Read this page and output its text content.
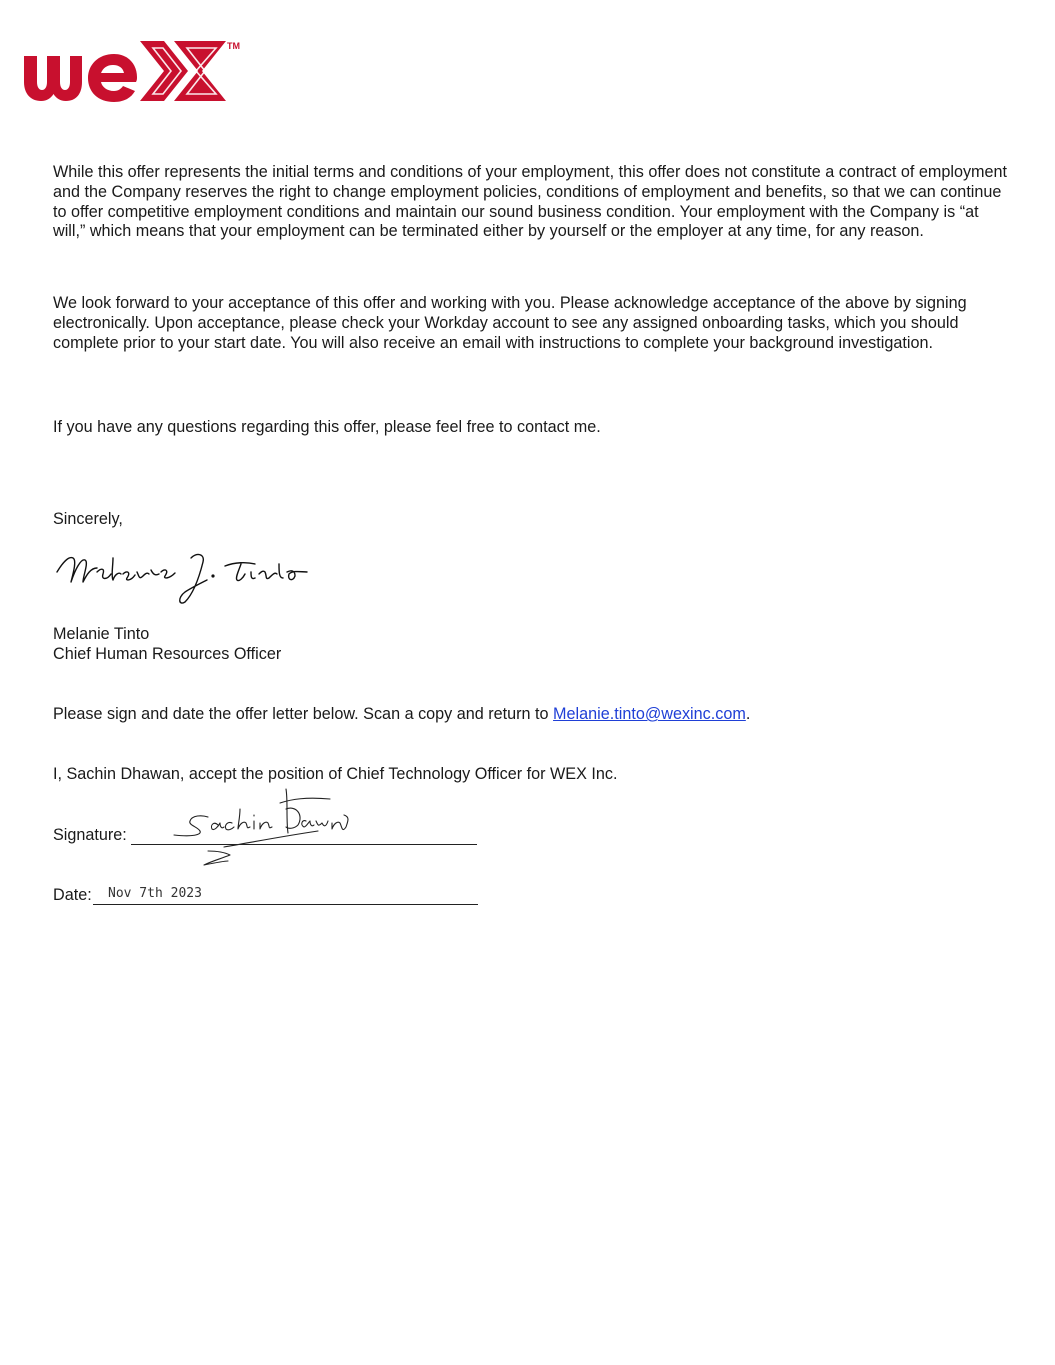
TM

While this offer represents the initial terms and conditions of your employment, this offer does not constitute a contract of employment and the Company reserves the right to change employment policies, conditions of employment and benefits, so that we can continue to offer competitive employment conditions and maintain our sound business condition. Your employment with the Company is “at will,” which means that your employment can be terminated either by yourself or the employer at any time, for any reason.

We look forward to your acceptance of this offer and working with you. Please acknowledge acceptance of the above by signing electronically. Upon acceptance, please check your Workday account to see any assigned onboarding tasks, which you should complete prior to your start date. You will also receive an email with instructions to complete your background investigation.

If you have any questions regarding this offer, please feel free to contact me.

Sincerely,

Melanie Tinto

Chief Human Resources Officer

Please sign and date the offer letter below. Scan a copy and return to Melanie.tinto@wexinc.com.

I, Sachin Dhawan, accept the position of Chief Technology Officer for WEX Inc.

Signature:
Date: Nov 7th 2023
